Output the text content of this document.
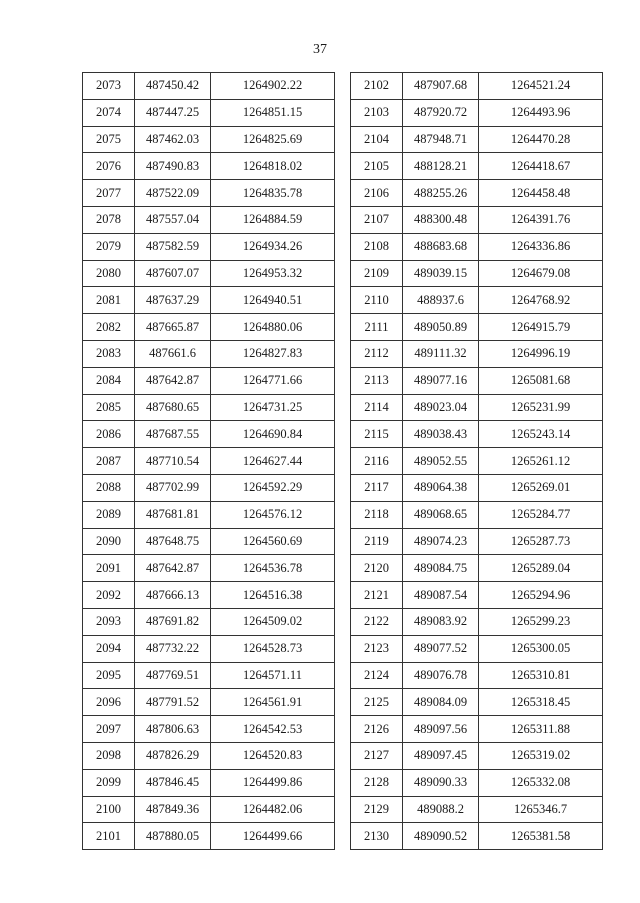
37
2073	487450.42	1264902.22
2074	487447.25	1264851.15
2075	487462.03	1264825.69
2076	487490.83	1264818.02
2077	487522.09	1264835.78
2078	487557.04	1264884.59
2079	487582.59	1264934.26
2080	487607.07	1264953.32
2081	487637.29	1264940.51
2082	487665.87	1264880.06
2083	487661.6	1264827.83
2084	487642.87	1264771.66
2085	487680.65	1264731.25
2086	487687.55	1264690.84
2087	487710.54	1264627.44
2088	487702.99	1264592.29
2089	487681.81	1264576.12
2090	487648.75	1264560.69
2091	487642.87	1264536.78
2092	487666.13	1264516.38
2093	487691.82	1264509.02
2094	487732.22	1264528.73
2095	487769.51	1264571.11
2096	487791.52	1264561.91
2097	487806.63	1264542.53
2098	487826.29	1264520.83
2099	487846.45	1264499.86
2100	487849.36	1264482.06
2101	487880.05	1264499.66
2102	487907.68	1264521.24
2103	487920.72	1264493.96
2104	487948.71	1264470.28
2105	488128.21	1264418.67
2106	488255.26	1264458.48
2107	488300.48	1264391.76
2108	488683.68	1264336.86
2109	489039.15	1264679.08
2110	488937.6	1264768.92
2111	489050.89	1264915.79
2112	489111.32	1264996.19
2113	489077.16	1265081.68
2114	489023.04	1265231.99
2115	489038.43	1265243.14
2116	489052.55	1265261.12
2117	489064.38	1265269.01
2118	489068.65	1265284.77
2119	489074.23	1265287.73
2120	489084.75	1265289.04
2121	489087.54	1265294.96
2122	489083.92	1265299.23
2123	489077.52	1265300.05
2124	489076.78	1265310.81
2125	489084.09	1265318.45
2126	489097.56	1265311.88
2127	489097.45	1265319.02
2128	489090.33	1265332.08
2129	489088.2	1265346.7
2130	489090.52	1265381.58
